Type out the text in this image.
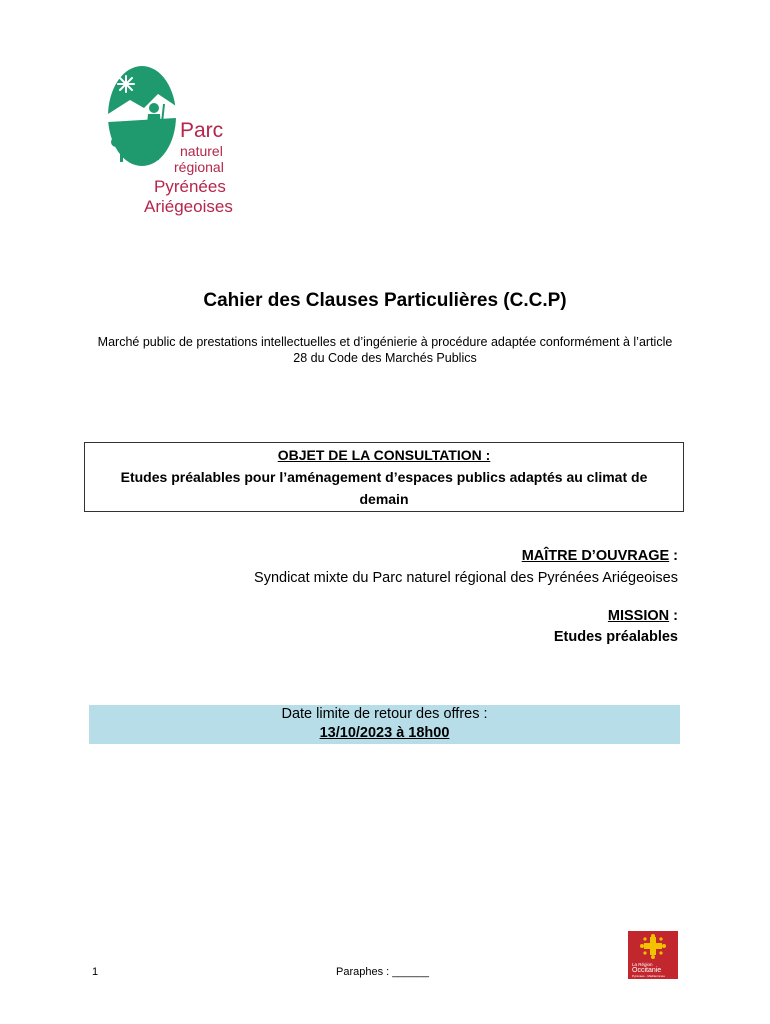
Parc
naturel
régional
Pyrénées
Ariégeoises
Cahier des Clauses Particulières (C.C.P)
Marché public de prestations intellectuelles et d’ingénierie à procédure adaptée conformément à l’article
28 du Code des Marchés Publics
OBJET DE LA CONSULTATION :
Etudes préalables pour l’aménagement d’espaces publics adaptés au climat de demain
MAÎTRE D’OUVRAGE :
Syndicat mixte du Parc naturel régional des Pyrénées Ariégeoises
MISSION :
Etudes préalables
Date limite de retour des offres :
13/10/2023 à 18h00
1	Paraphes : ______
La Région
Occitanie
Pyrénées - Méditerranée
